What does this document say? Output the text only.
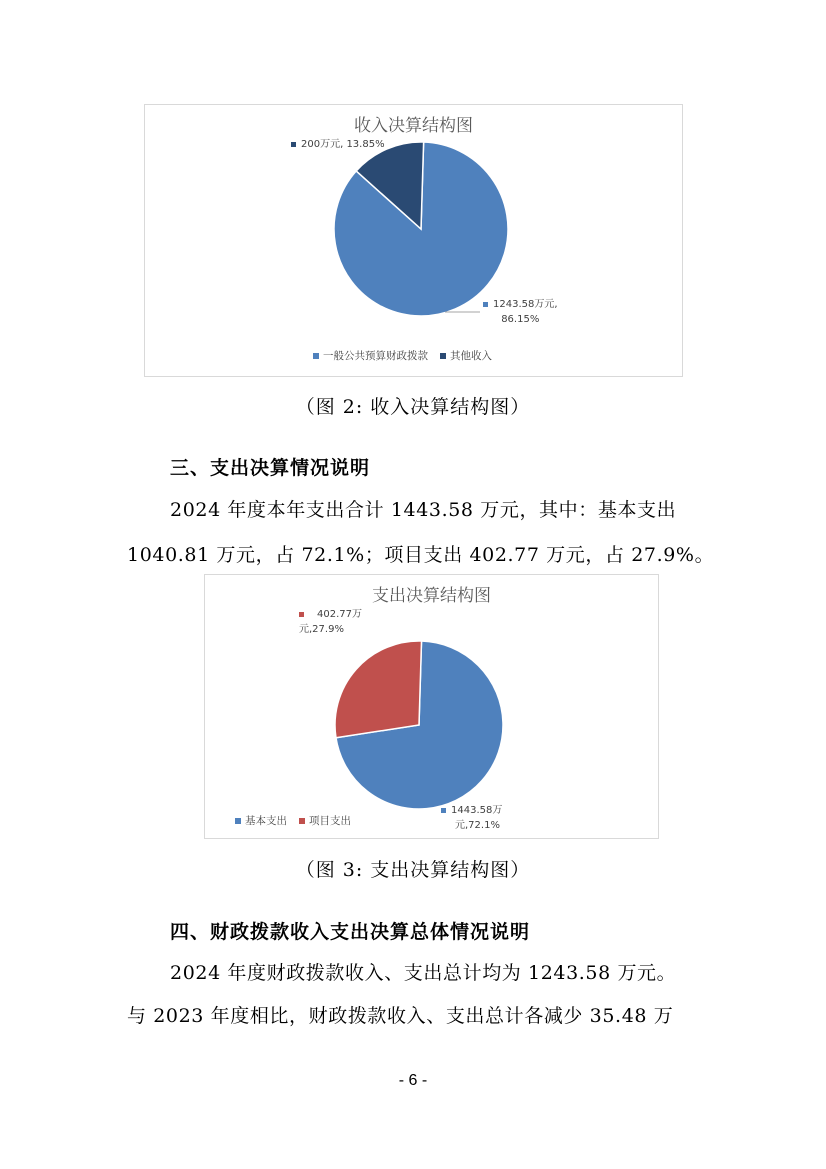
收入决算结构图
200万元, 13.85%
1243.58万元,
86.15%
一般公共预算财政拨款 其他收入
（图 2: 收入决算结构图）
三、支出决算情况说明
2024 年度本年支出合计 1443.58 万元，其中：基本支出
1040.81 万元，占 72.1%；项目支出 402.77 万元，占 27.9%。
支出决算结构图
402.77万
元,27.9%
1443.58万
元,72.1%
基本支出 项目支出
（图 3: 支出决算结构图）
四、财政拨款收入支出决算总体情况说明
2024 年度财政拨款收入、支出总计均为 1243.58 万元。
与 2023 年度相比，财政拨款收入、支出总计各减少 35.48 万
- 6 -
